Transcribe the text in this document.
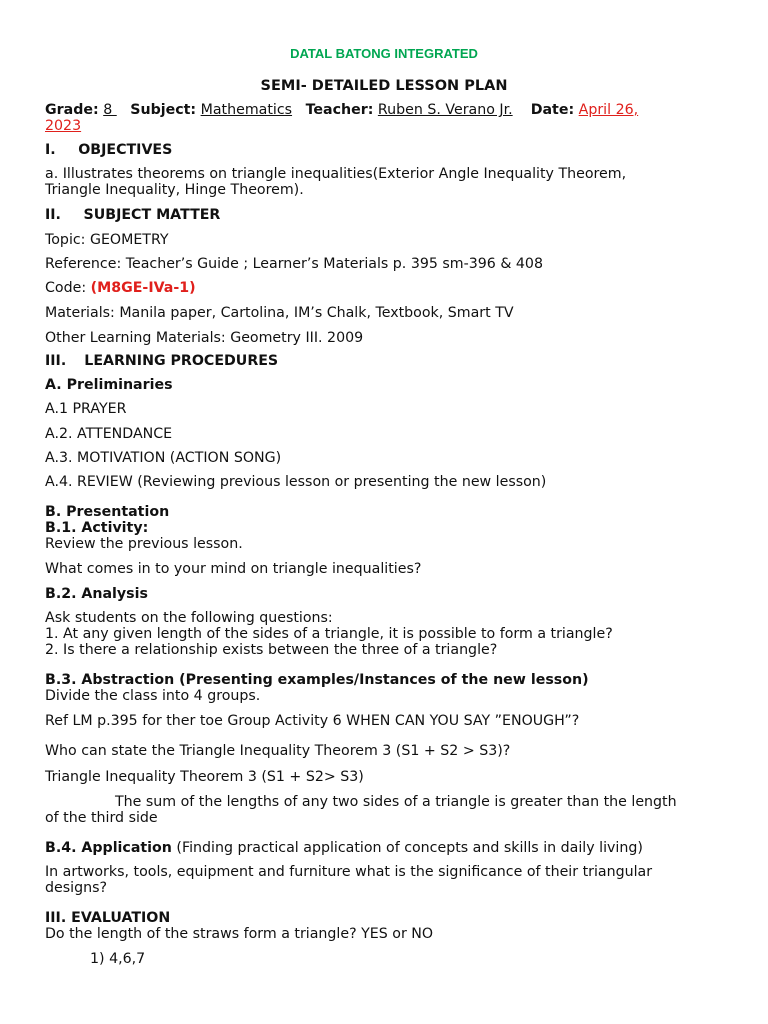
DATAL BATONG INTEGRATED
SEMI- DETAILED LESSON PLAN
Grade: 8    Subject: Mathematics Teacher: Ruben S. Verano Jr. Date: April 26,
2023
I. OBJECTIVES
a. Illustrates theorems on triangle inequalities(Exterior Angle Inequality Theorem,
Triangle Inequality, Hinge Theorem).
II. SUBJECT MATTER
Topic: GEOMETRY
Reference: Teacher’s Guide ; Learner’s Materials p. 395 sm-396 & 408
Code: (M8GE-IVa-1)
Materials: Manila paper, Cartolina, IM’s Chalk, Textbook, Smart TV
Other Learning Materials: Geometry III. 2009
III. LEARNING PROCEDURES
A. Preliminaries
A.1 PRAYER
A.2. ATTENDANCE
A.3. MOTIVATION (ACTION SONG)
A.4. REVIEW (Reviewing previous lesson or presenting the new lesson)
B. Presentation
B.1. Activity:
Review the previous lesson.
What comes in to your mind on triangle inequalities?
B.2. Analysis
Ask students on the following questions:
1. At any given length of the sides of a triangle, it is possible to form a triangle?
2. Is there a relationship exists between the three of a triangle?
B.3. Abstraction (Presenting examples/Instances of the new lesson)
Divide the class into 4 groups.
Ref LM p.395 for ther toe Group Activity 6 WHEN CAN YOU SAY ”ENOUGH”?
Who can state the Triangle Inequality Theorem 3 (S1 + S2 > S3)?
Triangle Inequality Theorem 3 (S1 + S2> S3)
The sum of the lengths of any two sides of a triangle is greater than the length
of the third side
B.4. Application (Finding practical application of concepts and skills in daily living)
In artworks, tools, equipment and furniture what is the significance of their triangular
designs?
III. EVALUATION
Do the length of the straws form a triangle? YES or NO
1) 4,6,7
